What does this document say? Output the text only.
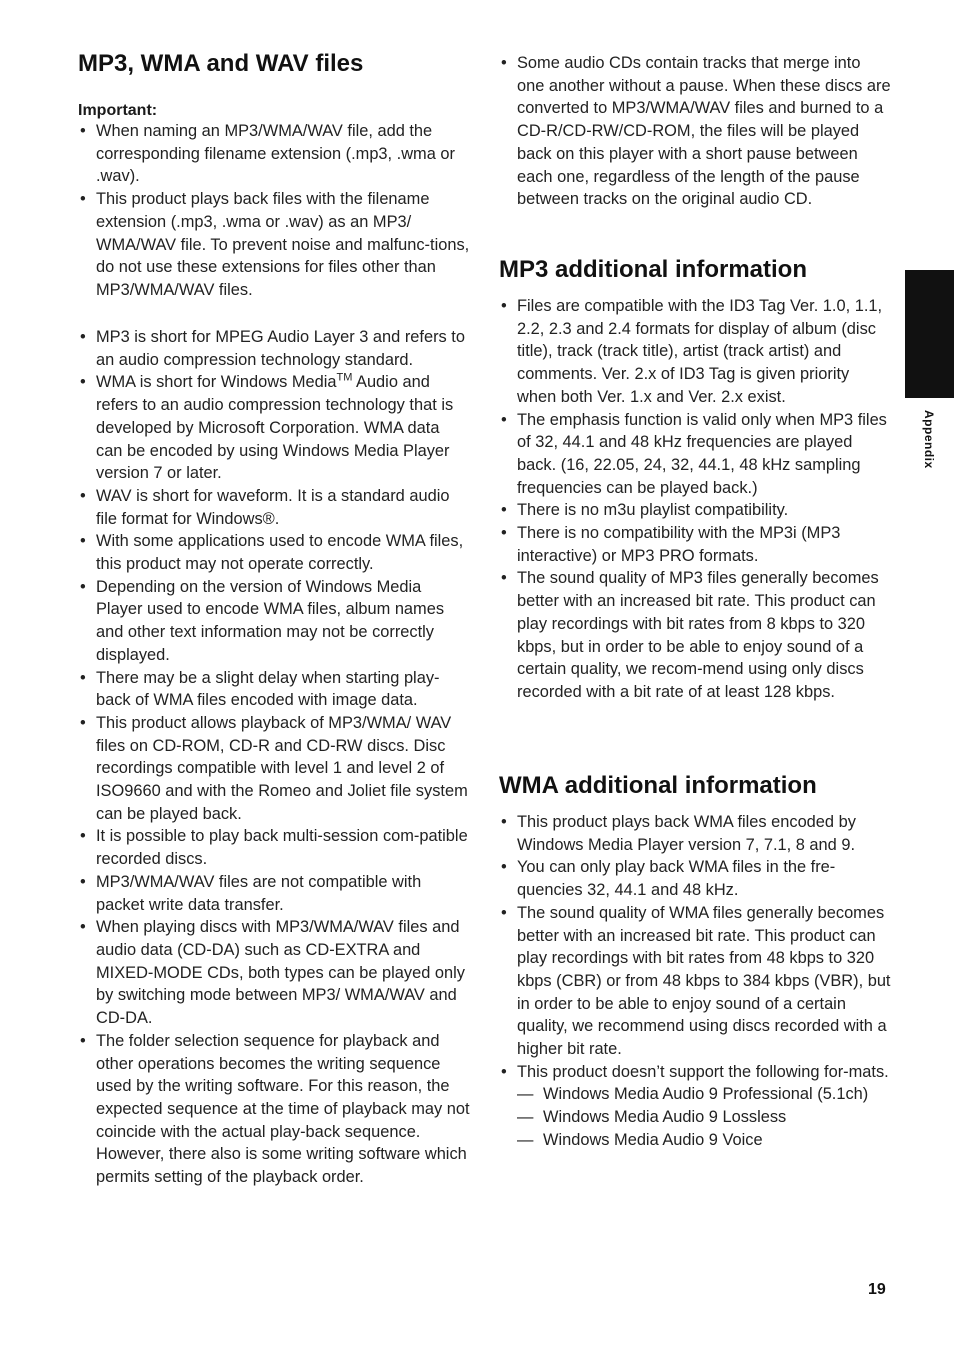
MP3, WMA and WAV files

Important:

• When naming an MP3/WMA/WAV file, add the corresponding filename extension (.mp3, .wma or .wav).
• This product plays back files with the filename extension (.mp3, .wma or .wav) as an MP3/ WMA/WAV file. To prevent noise and malfunc-tions, do not use these extensions for files other than MP3/WMA/WAV files.
• MP3 is short for MPEG Audio Layer 3 and refers to an audio compression technology standard.
• WMA is short for Windows Media™ Audio and refers to an audio compression technology that is developed by Microsoft Corporation. WMA data can be encoded by using Windows Media Player version 7 or later.
• WAV is short for waveform. It is a standard audio file format for Windows®.
• With some applications used to encode WMA files, this product may not operate correctly.
• Depending on the version of Windows Media Player used to encode WMA files, album names and other text information may not be correctly displayed.
• There may be a slight delay when starting play-back of WMA files encoded with image data.
• This product allows playback of MP3/WMA/ WAV files on CD-ROM, CD-R and CD-RW discs. Disc recordings compatible with level 1 and level 2 of ISO9660 and with the Romeo and Joliet file system can be played back.
• It is possible to play back multi-session com-patible recorded discs.
• MP3/WMA/WAV files are not compatible with packet write data transfer.
• When playing discs with MP3/WMA/WAV files and audio data (CD-DA) such as CD-EXTRA and MIXED-MODE CDs, both types can be played only by switching mode between MP3/ WMA/WAV and CD-DA.
• The folder selection sequence for playback and other operations becomes the writing sequence used by the writing software. For this reason, the expected sequence at the time of playback may not coincide with the actual play-back sequence. However, there also is some writing software which permits setting of the playback order.
• Some audio CDs contain tracks that merge into one another without a pause. When these discs are converted to MP3/WMA/WAV files and burned to a CD-R/CD-RW/CD-ROM, the files will be played back on this player with a short pause between each one, regardless of the length of the pause between tracks on the original audio CD.
MP3 additional information
• Files are compatible with the ID3 Tag Ver. 1.0, 1.1, 2.2, 2.3 and 2.4 formats for display of album (disc title), track (track title), artist (track artist) and comments. Ver. 2.x of ID3 Tag is given priority when both Ver. 1.x and Ver. 2.x exist.
• The emphasis function is valid only when MP3 files of 32, 44.1 and 48 kHz frequencies are played back. (16, 22.05, 24, 32, 44.1, 48 kHz sampling frequencies can be played back.)
• There is no m3u playlist compatibility.
• There is no compatibility with the MP3i (MP3 interactive) or MP3 PRO formats.
• The sound quality of MP3 files generally becomes better with an increased bit rate. This product can play recordings with bit rates from 8 kbps to 320 kbps, but in order to be able to enjoy sound of a certain quality, we recom-mend using only discs recorded with a bit rate of at least 128 kbps.
WMA additional information
• This product plays back WMA files encoded by Windows Media Player version 7, 7.1, 8 and 9.
• You can only play back WMA files in the fre-quencies 32, 44.1 and 48 kHz.
• The sound quality of WMA files generally becomes better with an increased bit rate. This product can play recordings with bit rates from 48 kbps to 320 kbps (CBR) or from 48 kbps to 384 kbps (VBR), but in order to be able to enjoy sound of a certain quality, we recommend using discs recorded with a higher bit rate.
• This product doesn’t support the following for-mats.
— Windows Media Audio 9 Professional (5.1ch)
— Windows Media Audio 9 Lossless
— Windows Media Audio 9 Voice
Appendix
19
